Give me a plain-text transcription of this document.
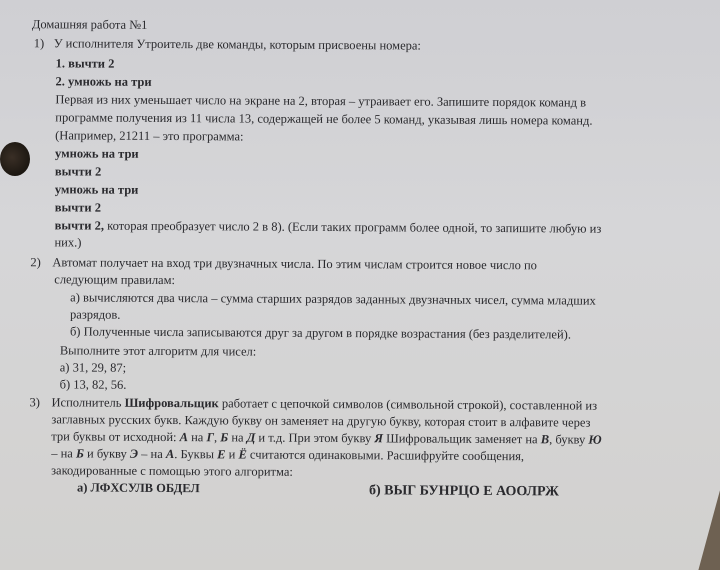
Домашняя работа №1
1) У исполнителя Утроитель две команды, которым присвоены номера:
1. вычти 2
2. умножь на три
Первая из них уменьшает число на экране на 2, вторая – утраивает его. Запишите порядок команд в
программе получения из 11 числа 13, содержащей не более 5 команд, указывая лишь номера команд.
(Например, 21211 – это программа:
умножь на три
вычти 2
умножь на три
вычти 2
вычти 2, которая преобразует число 2 в 8). (Если таких программ более одной, то запишите любую из
них.)
2) Автомат получает на вход три двузначных числа. По этим числам строится новое число по
следующим правилам:
а) вычисляются два числа – сумма старших разрядов заданных двузначных чисел, сумма младших
разрядов.
б) Полученные числа записываются друг за другом в порядке возрастания (без разделителей).
Выполните этот алгоритм для чисел:
а) 31, 29, 87;
б) 13, 82, 56.
3) Исполнитель Шифровальщик работает с цепочкой символов (символьной строкой), составленной из
заглавных русских букв. Каждую букву он заменяет на другую букву, которая стоит в алфавите через
три буквы от исходной: А на Г, Б на Д и т.д. При этом букву Я Шифровальщик заменяет на В, букву Ю
– на Б и букву Э – на А. Буквы Е и Ё считаются одинаковыми. Расшифруйте сообщения,
закодированные с помощью этого алгоритма:
а) ЛФХСУЛВ ОБДЕЛ	б) ВЫГ БУНРЦО Е АООЛРЖ
